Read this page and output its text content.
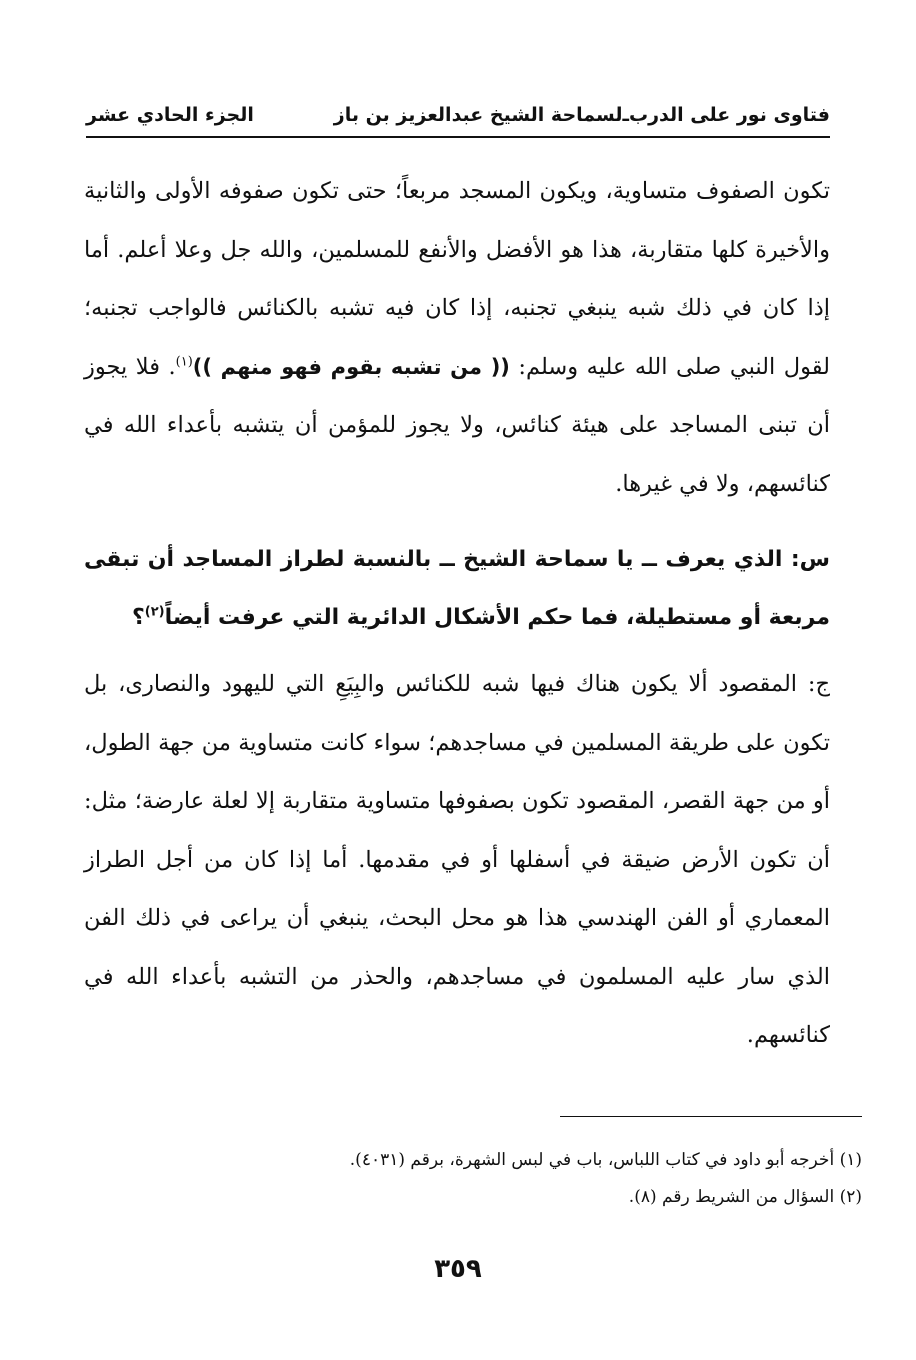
فتاوى نور على الدرب
ـ
لسماحة الشيخ عبدالعزيز بن باز
الجزء الحادي عشر

تكون الصفوف متساوية، ويكون المسجد مربعاً؛ حتى تكون صفوفه الأولى والثانية والأخيرة كلها متقاربة، هذا هو الأفضل والأنفع للمسلمين، والله جل وعلا أعلم. أما إذا كان في ذلك شبه ينبغي تجنبه، إذا كان فيه تشبه بالكنائس فالواجب تجنبه؛ لقول النبي صلى الله عليه وسلم: (( من تشبه بقوم فهو منهم ))$^{(١)}$. فلا يجوز أن تبنى المساجد على هيئة كنائس، ولا يجوز للمؤمن أن يتشبه بأعداء الله في كنائسهم، ولا في غيرها.

س: الذي يعرف ــ يا سماحة الشيخ ــ بالنسبة لطراز المساجد أن تبقى مربعة أو مستطيلة، فما حكم الأشكال الدائرية التي عرفت أيضاً$^{(٢)}$؟

ج: المقصود ألا يكون هناك فيها شبه للكنائس والبِيَعِ التي لليهود والنصارى، بل تكون على طريقة المسلمين في مساجدهم؛ سواء كانت متساوية من جهة الطول، أو من جهة القصر، المقصود تكون بصفوفها متساوية متقاربة إلا لعلة عارضة؛ مثل: أن تكون الأرض ضيقة في أسفلها أو في مقدمها. أما إذا كان من أجل الطراز المعماري أو الفن الهندسي هذا هو محل البحث، ينبغي أن يراعى في ذلك الفن الذي سار عليه المسلمون في مساجدهم، والحذر من التشبه بأعداء الله في كنائسهم.

(١) أخرجه أبو داود في كتاب اللباس، باب في لبس الشهرة، برقم (٤٠٣١).

(٢) السؤال من الشريط رقم (٨).

٣٥٩
